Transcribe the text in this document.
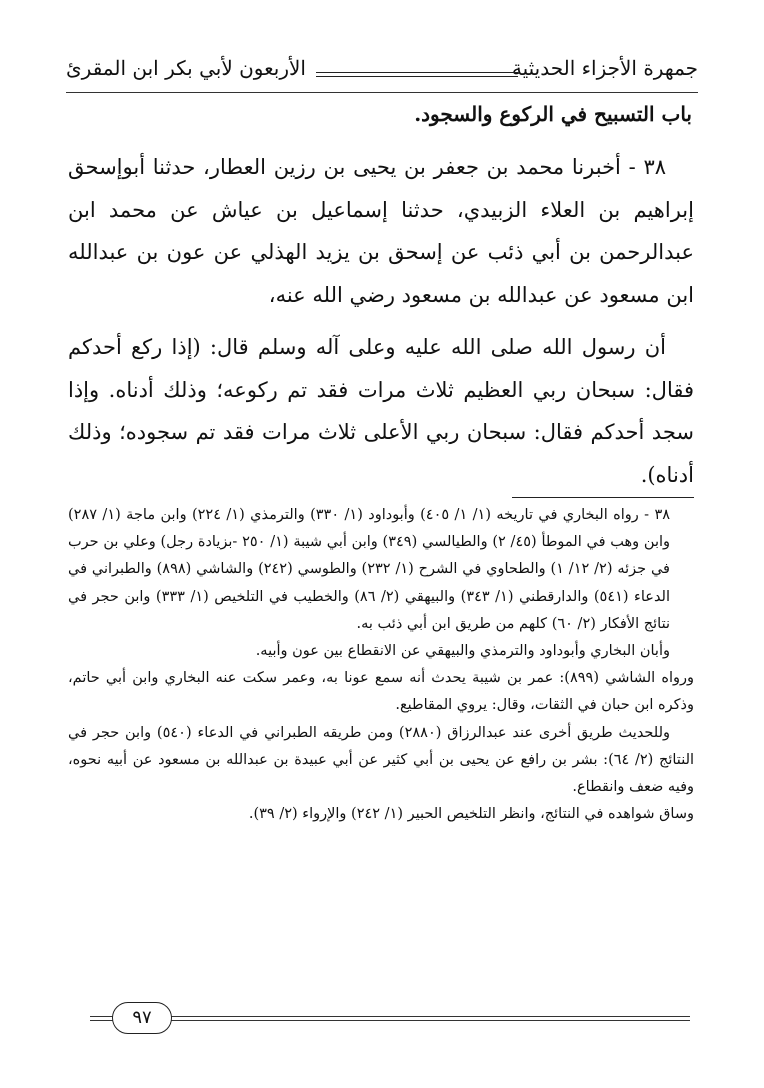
جمهرة الأجزاء الحديثية
الأربعون لأبي بكر ابن المقرئ
باب التسبيح في الركوع والسجود.

٣٨ - أخبرنا محمد بن جعفر بن يحيى بن رزين العطار، حدثنا أبوإسحق إبراهيم بن العلاء الزبيدي، حدثنا إسماعيل بن عياش عن محمد ابن عبدالرحمن بن أبي ذئب عن إسحق بن يزيد الهذلي عن عون بن عبدالله ابن مسعود عن عبدالله بن مسعود رضي الله عنه،

أن رسول الله صلى الله عليه وعلى آله وسلم قال: (إذا ركع أحدكم فقال: سبحان ربي العظيم ثلاث مرات فقد تم ركوعه؛ وذلك أدناه. وإذا سجد أحدكم فقال: سبحان ربي الأعلى ثلاث مرات فقد تم سجوده؛ وذلك أدناه).

٣٨ - رواه البخاري في تاريخه (١/ ١/ ٤٠٥) وأبوداود (١/ ٣٣٠) والترمذي (١/ ٢٢٤) وابن ماجة (١/ ٢٨٧) وابن وهب في الموطأ (٤٥/ ٢) والطيالسي (٣٤٩) وابن أبي شيبة (١/ ٢٥٠ -بزيادة رجل) وعلي بن حرب في جزئه (٢/ ١٢/ ١) والطحاوي في الشرح (١/ ٢٣٢) والطوسي (٢٤٢) والشاشي (٨٩٨) والطبراني في الدعاء (٥٤١) والدارقطني (١/ ٣٤٣) والبيهقي (٢/ ٨٦) والخطيب في التلخيص (١/ ٣٣٣) وابن حجر في نتائج الأفكار (٢/ ٦٠) كلهم من طريق ابن أبي ذئب به.

وأبان البخاري وأبوداود والترمذي والبيهقي عن الانقطاع بين عون وأبيه.

ورواه الشاشي (٨٩٩): عمر بن شيبة يحدث أنه سمع عونا به، وعمر سكت عنه البخاري وابن أبي حاتم، وذكره ابن حبان في الثقات، وقال: يروي المقاطيع.

وللحديث طريق أخرى عند عبدالرزاق (٢٨٨٠) ومن طريقه الطبراني في الدعاء (٥٤٠) وابن حجر في النتائج (٢/ ٦٤): بشر بن رافع عن يحيى بن أبي كثير عن أبي عبيدة بن عبدالله بن مسعود عن أبيه نحوه، وفيه ضعف وانقطاع.

وساق شواهده في النتائج، وانظر التلخيص الحبير (١/ ٢٤٢) والإرواء (٢/ ٣٩).

٩٧
